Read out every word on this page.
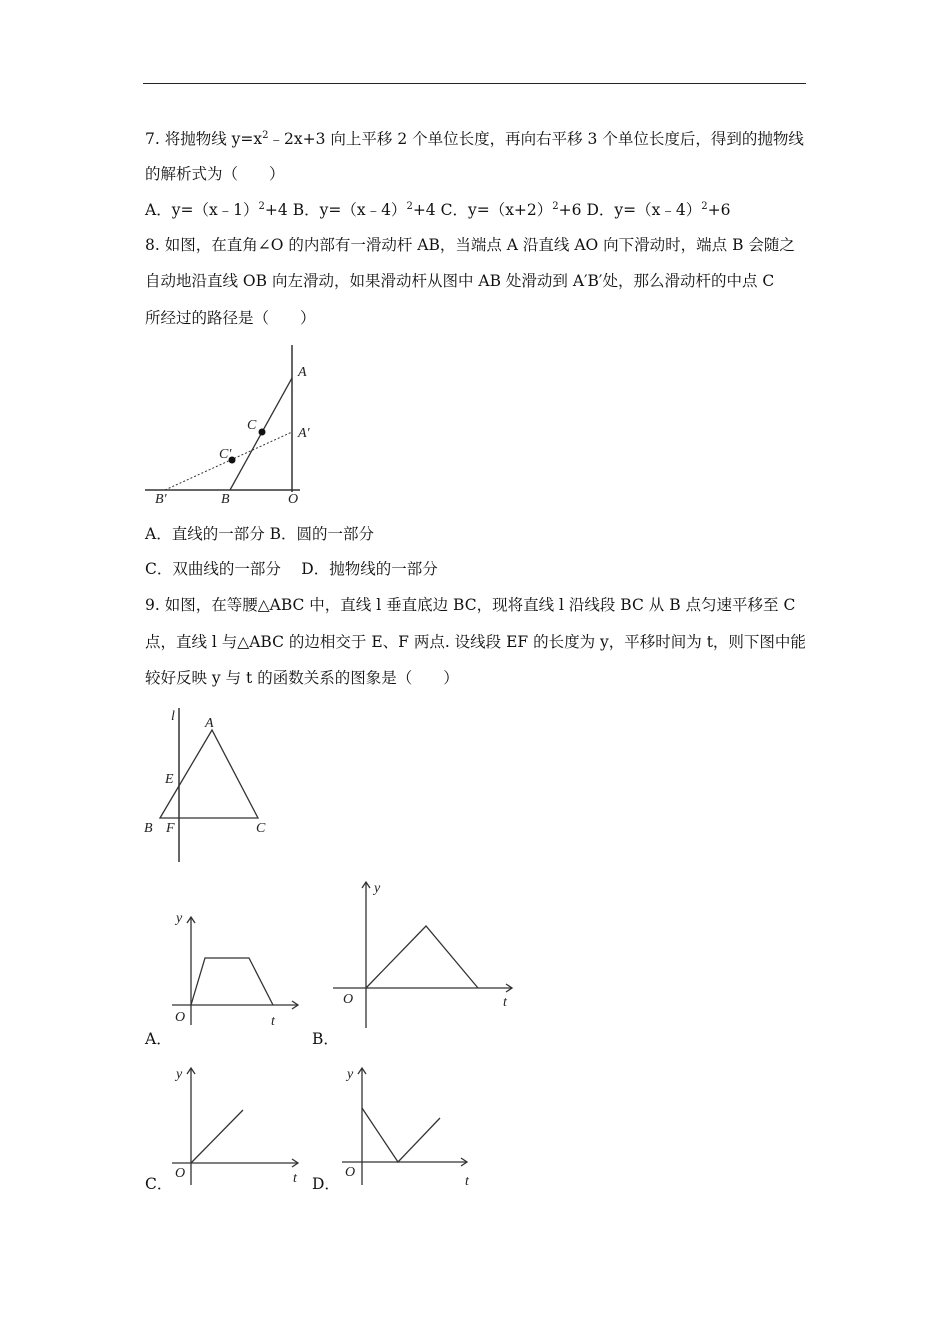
7. 将抛物线 $y=x^2﹣2x+3$ 向上平移 2 个单位长度，再向右平移 3 个单位长度后，得到的抛物线
的解析式为（　　）
A．y=（x﹣1）$^2$+4 B．y=（x﹣4）$^2$+4 C．$y=(x+2)^2+6$ D．y=（x﹣4）$^2$+6
8. 如图，在直角∠O 的内部有一滑动杆 AB，当端点 A 沿直线 AO 向下滑动时，端点 B 会随之
自动地沿直线 OB 向左滑动，如果滑动杆从图中 AB 处滑动到 A′B′处，那么滑动杆的中点 C
所经过的路径是（　　）
A
A′
C
C′
B′	B	O
A．直线的一部分 B．圆的一部分
C．双曲线的一部分　 D．抛物线的一部分
9. 如图，在等腰△ABC 中，直线 l 垂直底边 BC，现将直线 l 沿线段 BC 从 B 点匀速平移至 C
点，直线 l 与△ABC 的边相交于 E、F 两点. 设线段 EF 的长度为 y，平移时间为 t，则下图中能
较好反映 y 与 t 的函数关系的图象是（　　）
l A
E
B F	C
y
O	t
y
O	t
A．	B．
y
O	t
y
O
t
C．	D．
